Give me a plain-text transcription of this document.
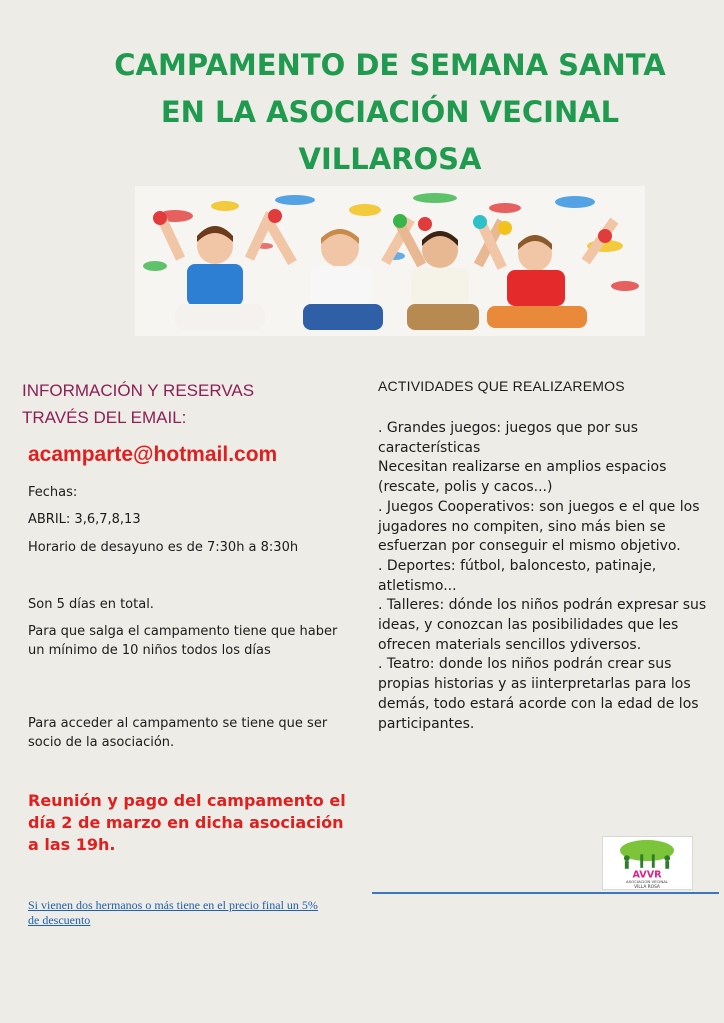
CAMPAMENTO DE SEMANA SANTA
EN LA ASOCIACIÓN VECINAL
VILLAROSA
INFORMACIÓN Y RESERVAS
TRAVÉS DEL EMAIL:
acamparte@hotmail.com
Fechas:
ABRIL: 3,6,7,8,13
Horario de desayuno es de 7:30h a 8:30h
Son 5 días en total.
Para que salga el campamento tiene que haber un mínimo de 10 niños todos los días
Para acceder al campamento se tiene que ser socio de la asociación.
Reunión y pago del campamento el día 2 de marzo en dicha asociación a las 19h.
Si vienen dos hermanos o más tiene en el precio final un 5% de descuento
ACTIVIDADES QUE REALIZAREMOS
. Grandes juegos: juegos que por sus características
Necesitan realizarse en amplios espacios (rescate, polis y cacos...)
. Juegos Cooperativos: son juegos e el que los jugadores no compiten, sino más bien se esfuerzan por conseguir el mismo objetivo.
. Deportes: fútbol, baloncesto, patinaje, atletismo...
. Talleres: dónde los niños podrán expresar sus ideas, y conozcan las posibilidades que les ofrecen materials sencillos ydiversos.
. Teatro: donde los niños podrán crear sus propias historias y as iinterpretarlas para los demás, todo estará acorde con la edad de los participantes.
AVVR
ASOCIACIÓN VECINAL
VILLA ROSA
